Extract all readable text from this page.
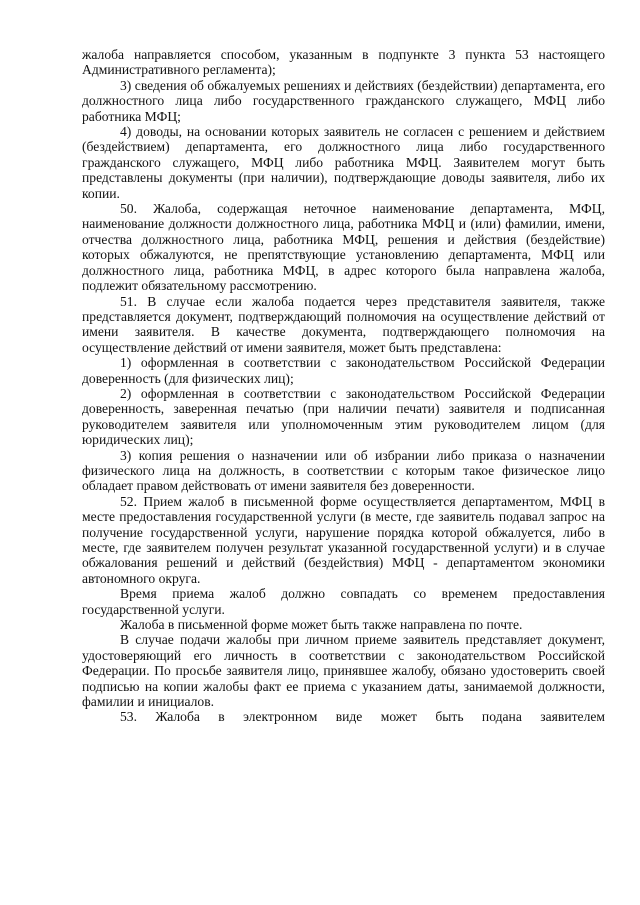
жалоба направляется способом, указанным в подпункте 3 пункта 53 настоящего Административного регламента);

3) сведения об обжалуемых решениях и действиях (бездействии) департамента, его должностного лица либо государственного гражданского служащего, МФЦ либо работника МФЦ;

4) доводы, на основании которых заявитель не согласен с решением и действием (бездействием) департамента, его должностного лица либо государственного гражданского служащего, МФЦ либо работника МФЦ. Заявителем могут быть представлены документы (при наличии), подтверждающие доводы заявителя, либо их копии.

50. Жалоба, содержащая неточное наименование департамента, МФЦ, наименование должности должностного лица, работника МФЦ и (или) фамилии, имени, отчества должностного лица, работника МФЦ, решения и действия (бездействие) которых обжалуются, не препятствующие установлению департамента, МФЦ или должностного лица, работника МФЦ, в адрес которого была направлена жалоба, подлежит обязательному рассмотрению.

51. В случае если жалоба подается через представителя заявителя, также представляется документ, подтверждающий полномочия на осуществление действий от имени заявителя. В качестве документа, подтверждающего полномочия на осуществление действий от имени заявителя, может быть представлена:

1) оформленная в соответствии с законодательством Российской Федерации доверенность (для физических лиц);

2) оформленная в соответствии с законодательством Российской Федерации доверенность, заверенная печатью (при наличии печати) заявителя и подписанная руководителем заявителя или уполномоченным этим руководителем лицом (для юридических лиц);

3) копия решения о назначении или об избрании либо приказа о назначении физического лица на должность, в соответствии с которым такое физическое лицо обладает правом действовать от имени заявителя без доверенности.

52. Прием жалоб в письменной форме осуществляется департаментом, МФЦ в месте предоставления государственной услуги (в месте, где заявитель подавал запрос на получение государственной услуги, нарушение порядка которой обжалуется, либо в месте, где заявителем получен результат указанной государственной услуги) и в случае обжалования решений и действий (бездействия) МФЦ - департаментом экономики автономного округа.

Время приема жалоб должно совпадать со временем предоставления государственной услуги.

Жалоба в письменной форме может быть также направлена по почте.

В случае подачи жалобы при личном приеме заявитель представляет документ, удостоверяющий его личность в соответствии с законодательством Российской Федерации. По просьбе заявителя лицо, принявшее жалобу, обязано удостоверить своей подписью на копии жалобы факт ее приема с указанием даты, занимаемой должности, фамилии и инициалов.

53. Жалоба в электронном виде может быть подана заявителем
